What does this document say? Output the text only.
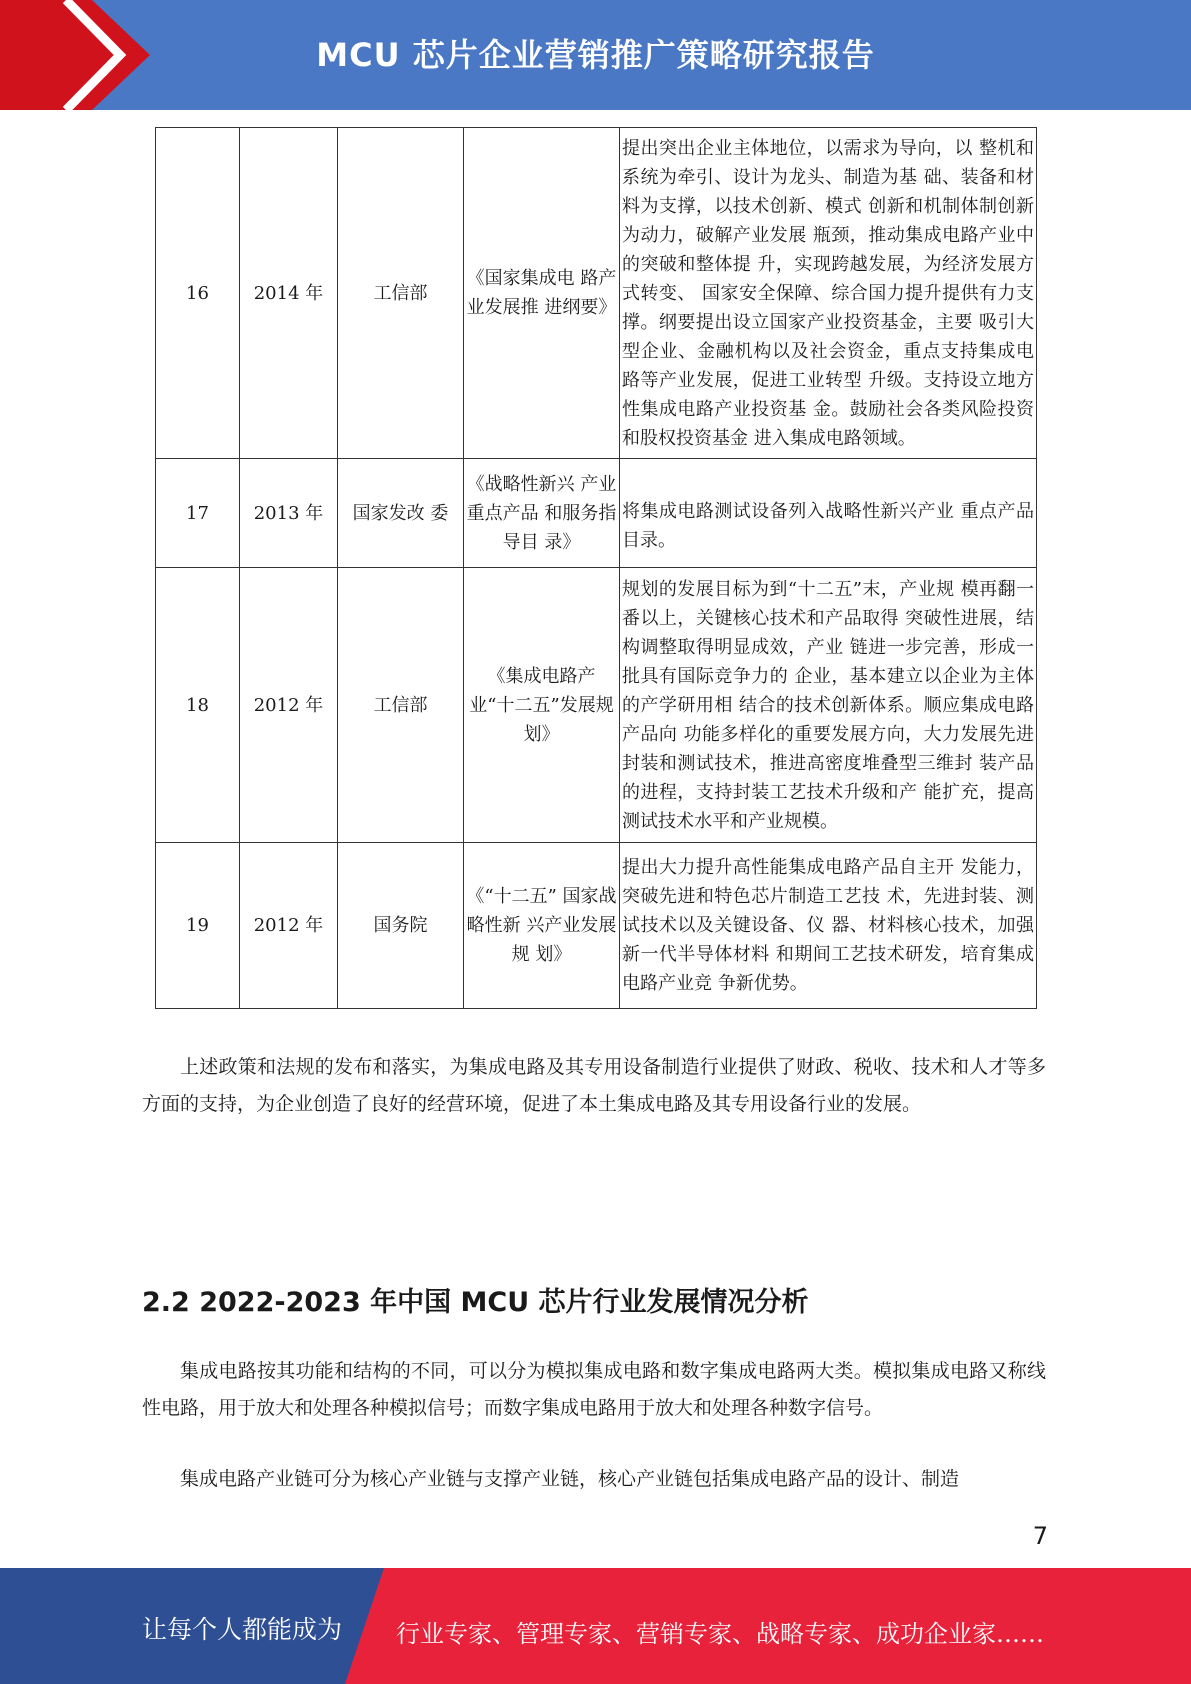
MCU 芯片企业营销推广策略研究报告
16	2014 年	工信部	《国家集成电 路产业发展推 进纲要》	提出突出企业主体地位，以需求为导向，以 整机和系统为牵引、设计为龙头、制造为基 础、装备和材料为支撑，以技术创新、模式 创新和机制体制创新为动力，破解产业发展 瓶颈，推动集成电路产业中的突破和整体提 升，实现跨越发展，为经济发展方式转变、 国家安全保障、综合国力提升提供有力支 撑。纲要提出设立国家产业投资基金，主要 吸引大型企业、金融机构以及社会资金，重点支持集成电路等产业发展，促进工业转型 升级。支持设立地方性集成电路产业投资基 金。鼓励社会各类风险投资和股权投资基金 进入集成电路领域。
17	2013 年	国家发改 委	《战略性新兴 产业重点产品 和服务指导目 录》	将集成电路测试设备列入战略性新兴产业 重点产品目录。
18	2012 年	工信部	《集成电路产业“十二五”发展规划》	规划的发展目标为到“十二五”末，产业规 模再翻一番以上，关键核心技术和产品取得 突破性进展，结构调整取得明显成效，产业 链进一步完善，形成一批具有国际竞争力的 企业，基本建立以企业为主体的产学研用相 结合的技术创新体系。顺应集成电路产品向 功能多样化的重要发展方向，大力发展先进 封装和测试技术，推进高密度堆叠型三维封 装产品的进程，支持封装工艺技术升级和产 能扩充，提高测试技术水平和产业规模。
19	2012 年	国务院	《“十二五” 国家战略性新 兴产业发展规 划》	提出大力提升高性能集成电路产品自主开 发能力，突破先进和特色芯片制造工艺技 术，先进封装、测试技术以及关键设备、仪 器、材料核心技术，加强新一代半导体材料 和期间工艺技术研发，培育集成电路产业竞 争新优势。

上述政策和法规的发布和落实，为集成电路及其专用设备制造行业提供了财政、税收、技术和人才等多方面的支持，为企业创造了良好的经营环境，促进了本土集成电路及其专用设备行业的发展。

2.2 2022-2023 年中国 MCU 芯片行业发展情况分析

集成电路按其功能和结构的不同，可以分为模拟集成电路和数字集成电路两大类。模拟集成电路又称线性电路，用于放大和处理各种模拟信号；而数字集成电路用于放大和处理各种数字信号。

集成电路产业链可分为核心产业链与支撑产业链，核心产业链包括集成电路产品的设计、制造

7
让每个人都能成为 行业专家、管理专家、营销专家、战略专家、成功企业家……
